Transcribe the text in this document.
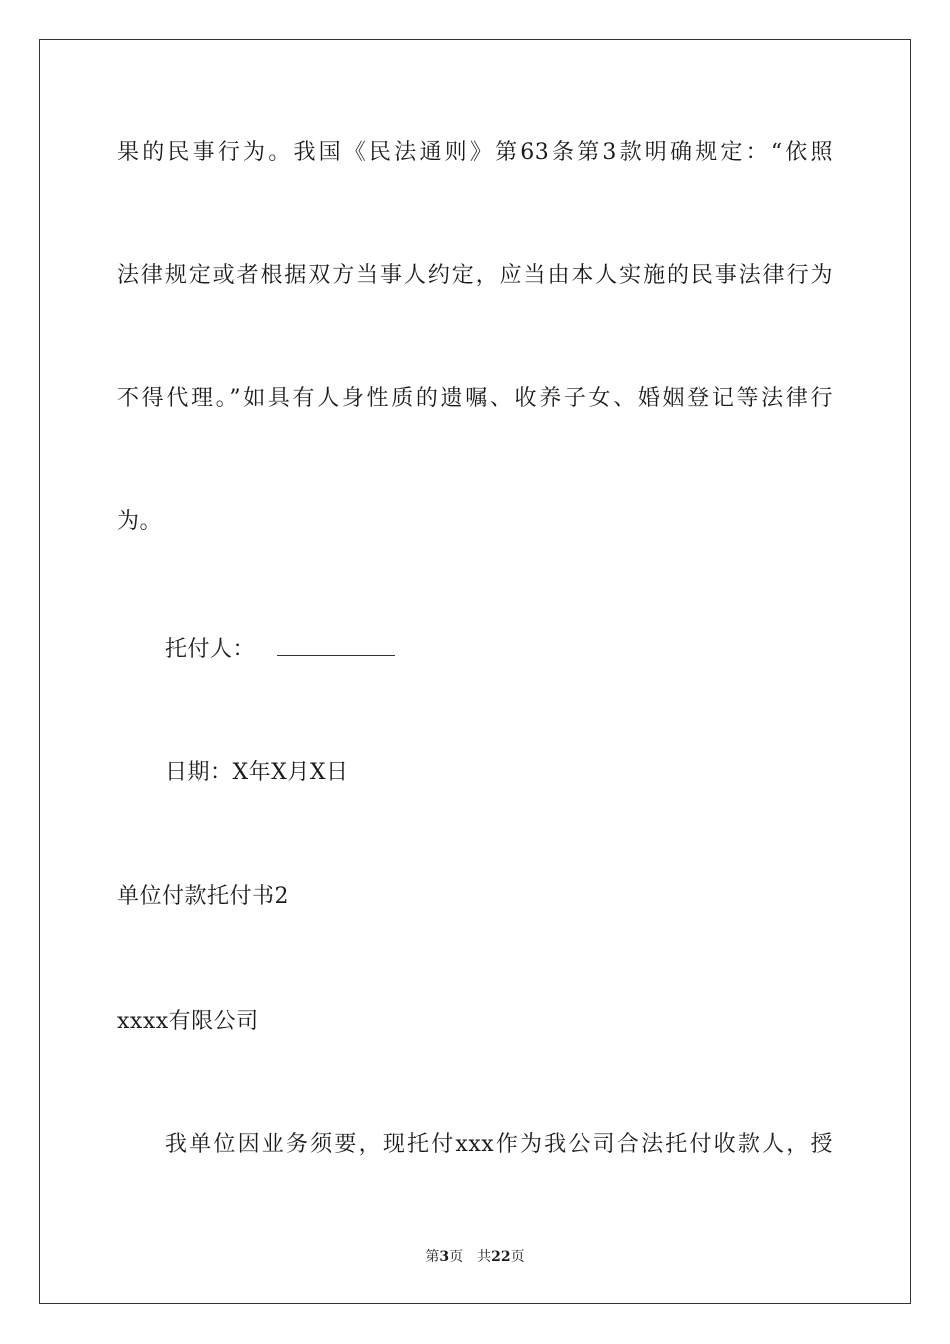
果的民事行为。我国《民法通则》第63条第3款明确规定：“依照
法律规定或者根据双方当事人约定，应当由本人实施的民事法律行为
不得代理。”如具有人身性质的遗嘱、收养子女、婚姻登记等法律行
为。
托付人：
日期：X年X月X日
单位付款托付书2
xxxx有限公司
我单位因业务须要，现托付xxx作为我公司合法托付收款人，授
第3页 共22页
